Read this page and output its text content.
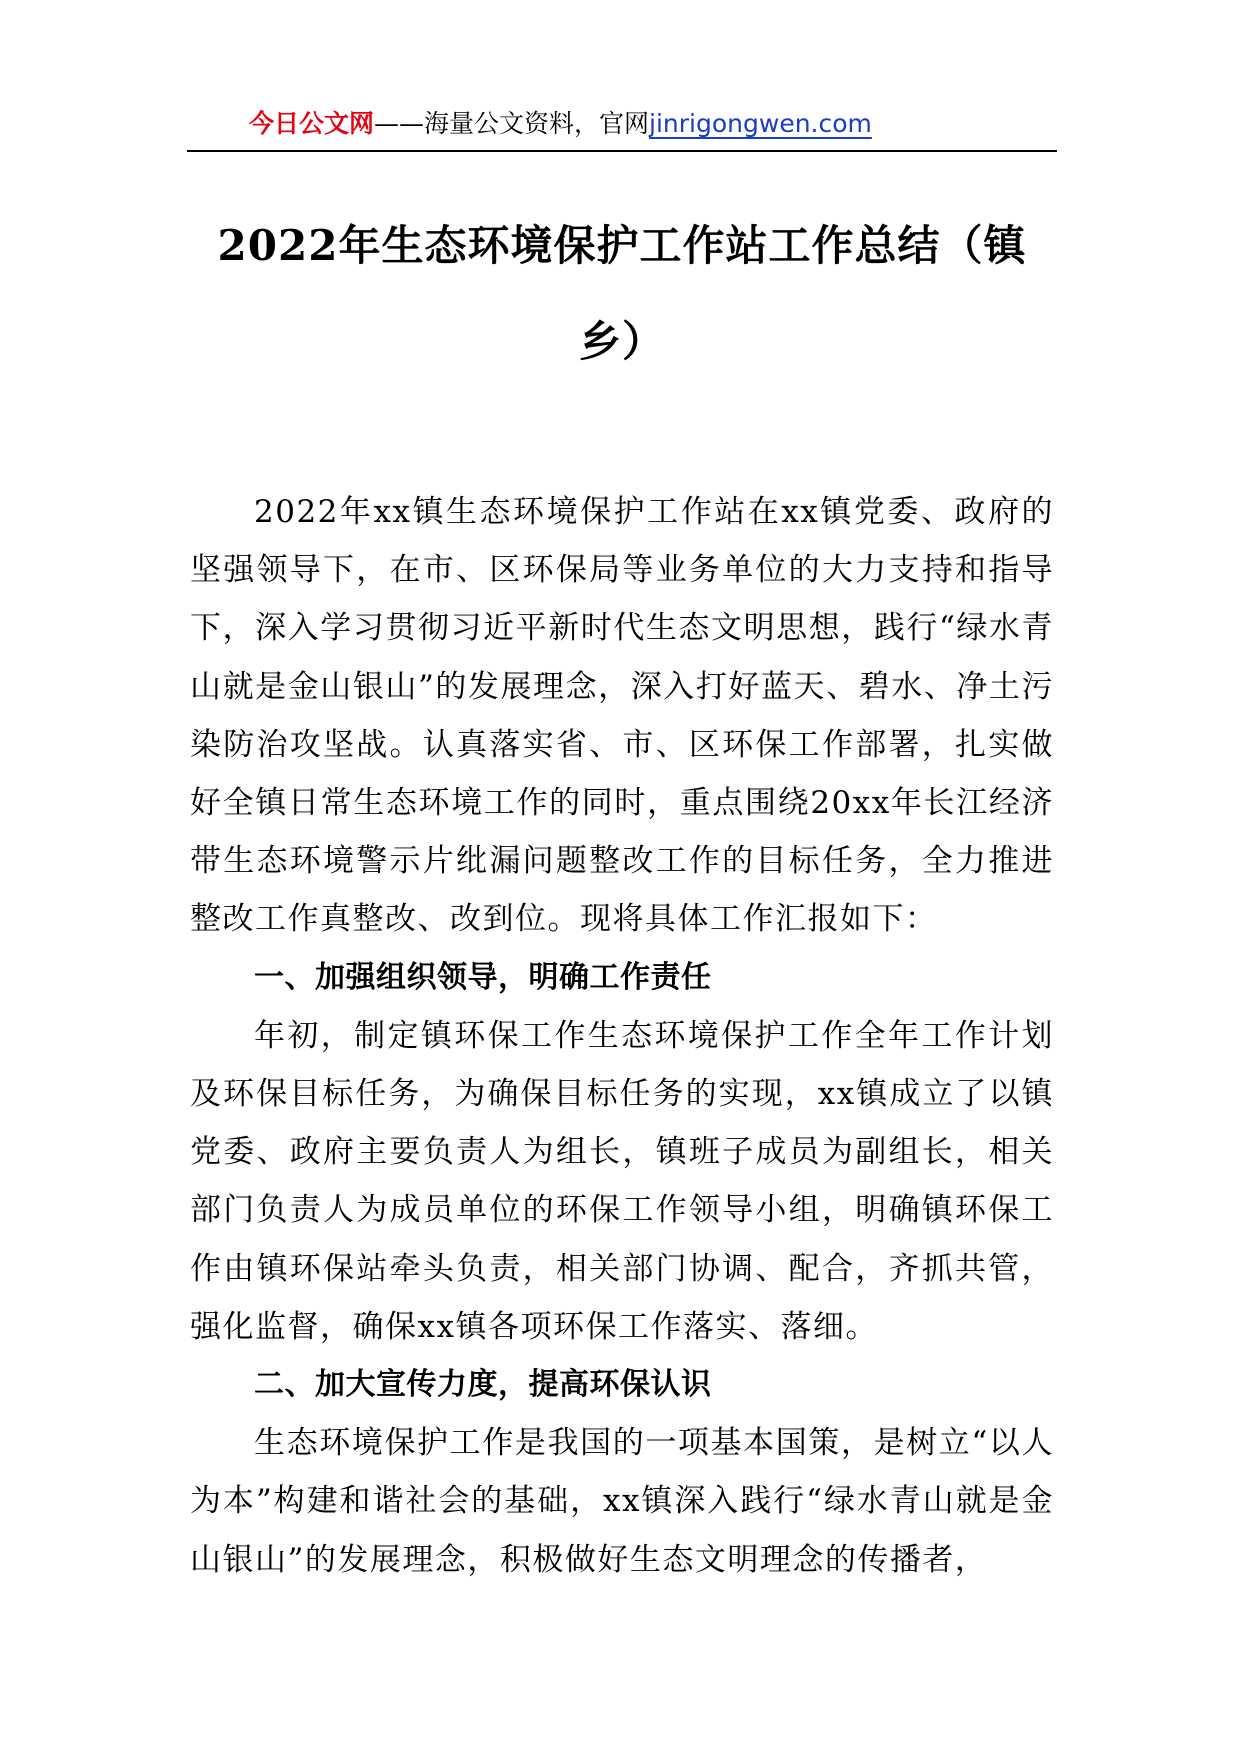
今日公文网——海量公文资料，官网jinrigongwen.com
2022年生态环境保护工作站工作总结（镇乡）

2022年xx镇生态环境保护工作站在xx镇党委、政府的坚强领导下，在市、区环保局等业务单位的大力支持和指导下，深入学习贯彻习近平新时代生态文明思想，践行“绿水青山就是金山银山”的发展理念，深入打好蓝天、碧水、净土污染防治攻坚战。认真落实省、市、区环保工作部署，扎实做好全镇日常生态环境工作的同时，重点围绕20xx年长江经济带生态环境警示片纰漏问题整改工作的目标任务，全力推进整改工作真整改、改到位。现将具体工作汇报如下：

一、加强组织领导，明确工作责任

年初，制定镇环保工作生态环境保护工作全年工作计划及环保目标任务，为确保目标任务的实现，xx镇成立了以镇党委、政府主要负责人为组长，镇班子成员为副组长，相关部门负责人为成员单位的环保工作领导小组，明确镇环保工作由镇环保站牵头负责，相关部门协调、配合，齐抓共管，强化监督，确保xx镇各项环保工作落实、落细。

二、加大宣传力度，提高环保认识

生态环境保护工作是我国的一项基本国策，是树立“以人为本”构建和谐社会的基础，xx镇深入践行“绿水青山就是金山银山”的发展理念，积极做好生态文明理念的传播者，
